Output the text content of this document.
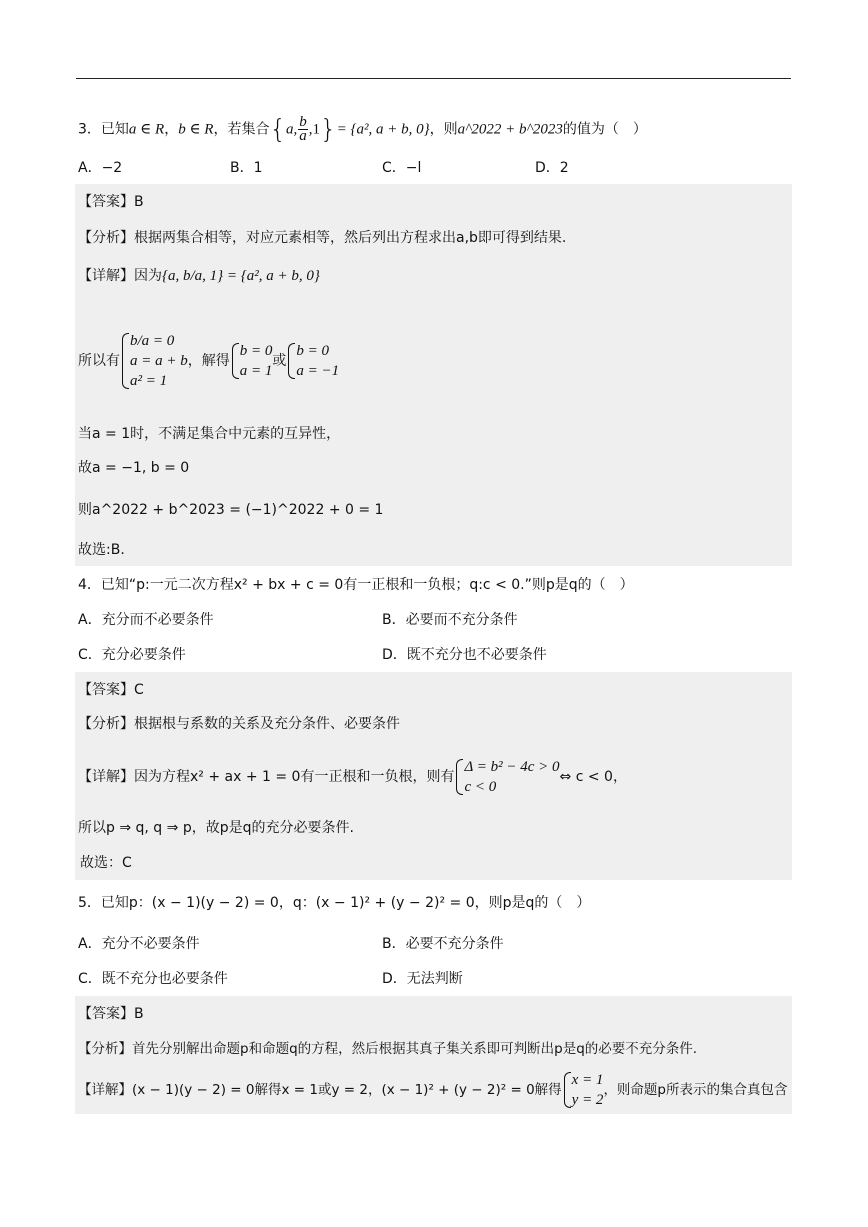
3．已知a ∈ R，b ∈ R，若集合{a, $\frac{b}{a} ,1\}= \{a^2$, a + b, 0}，则a^2022 + b^2023的值为（　）
A．−2	B．1	C．−l	D．2
【答案】B
【分析】根据两集合相等，对应元素相等，然后列出方程求出a,b即可得到结果.
【详解】因为{a, b/a, 1} = {a², a + b, 0}
所以有
b/a = 0
a = a + b
a² = 1
，解得
b = 0
a = 1
或
b = 0
a = −1
当a = 1时，不满足集合中元素的互异性，
故a = −1, b = 0
则a^2022 + b^2023 = (−1)^2022 + 0 = 1
故选:B.
4．已知“p:一元二次方程x² + bx + c = 0有一正根和一负根；q:c < 0.”则p是q的（　）
A．充分而不必要条件	B．必要而不充分条件
C．充分必要条件	D．既不充分也不必要条件
【答案】C
【分析】根据根与系数的关系及充分条件、必要条件
【详解】因为方程x² + ax + 1 = 0有一正根和一负根，则有
Δ = b² − 4c > 0
c < 0
⇔ c < 0，
所以p ⇒ q, q ⇒ p，故p是q的充分必要条件.
故选：C
5．已知p：(x − 1)(y − 2) = 0，q：(x − 1)² + (y − 2)² = 0，则p是q的（　）
A．充分不必要条件	B．必要不充分条件
C．既不充分也必要条件	D．无法判断
【答案】B
【分析】首先分别解出命题p和命题q的方程，然后根据其真子集关系即可判断出p是q的必要不充分条件.
【详解】(x − 1)(y − 2) = 0解得x = 1或y = 2，(x − 1)² + (y − 2)² = 0解得
x = 1
y = 2
，则命题p所表示的集合真包含
